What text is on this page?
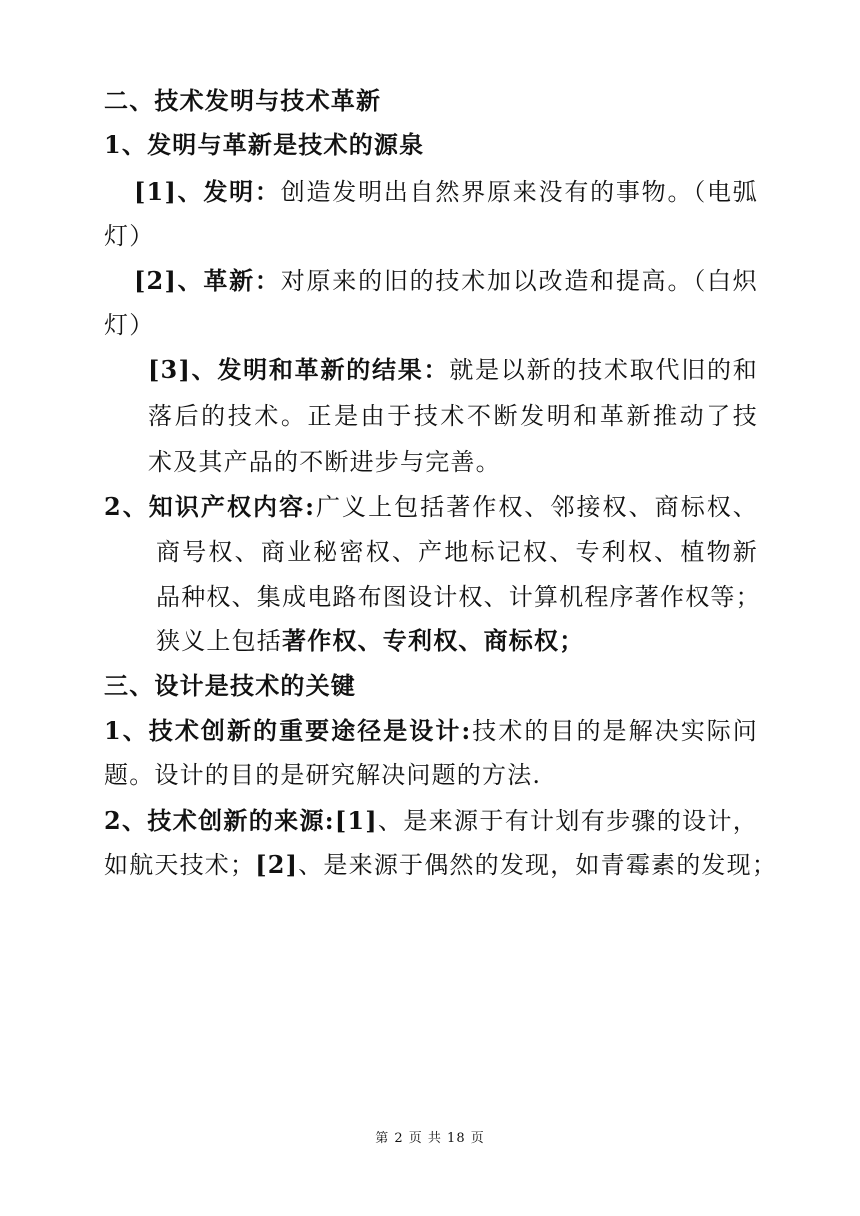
二、技术发明与技术革新
1、发明与革新是技术的源泉
[1]、发明：创造发明出自然界原来没有的事物。（电弧
灯）
[2]、革新：对原来的旧的技术加以改造和提高。（白炽
灯）
[3]、发明和革新的结果：就是以新的技术取代旧的和
落后的技术。正是由于技术不断发明和革新推动了技
术及其产品的不断进步与完善。
2、知识产权内容:广义上包括著作权、邻接权、商标权、
商号权、商业秘密权、产地标记权、专利权、植物新
品种权、集成电路布图设计权、计算机程序著作权等；
狭义上包括著作权、专利权、商标权；
三、设计是技术的关键
1、技术创新的重要途径是设计:技术的目的是解决实际问
题。设计的目的是研究解决问题的方法.
2、技术创新的来源:[1]、是来源于有计划有步骤的设计，
如航天技术；[2]、是来源于偶然的发现，如青霉素的发现；
第 2 页 共 18 页
